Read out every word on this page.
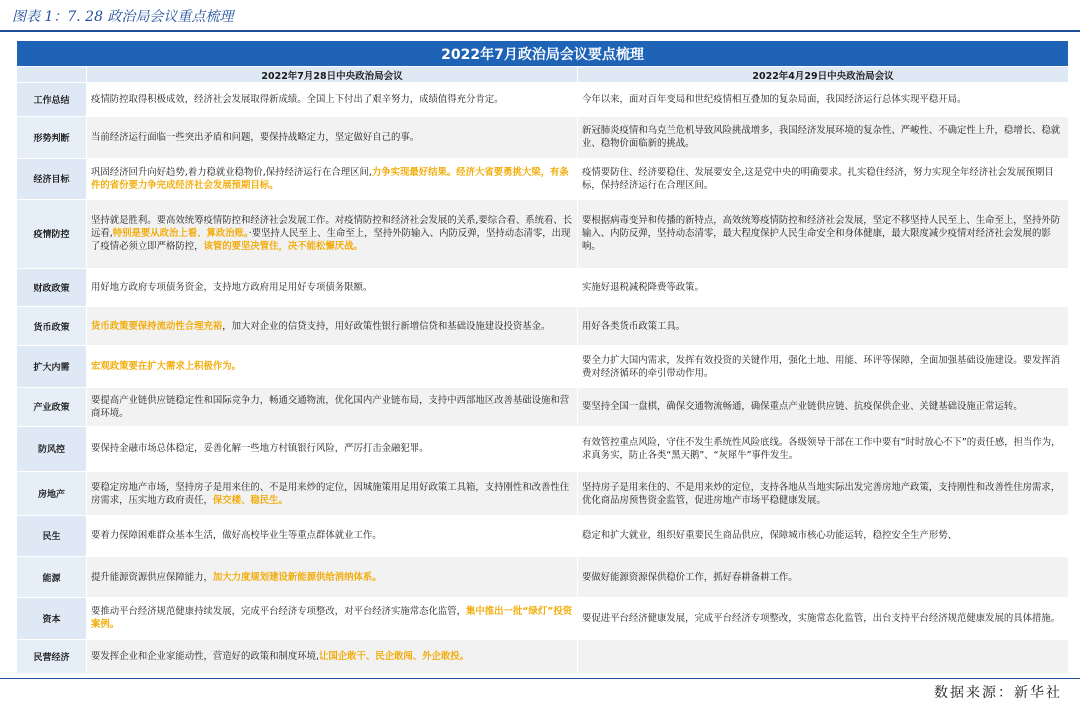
图表 1：7. 28 政治局会议重点梳理
2022年7月政治局会议要点梳理		
	2022年7月28日中央政治局会议	2022年4月29日中央政治局会议
工作总结	疫情防控取得积极成效，经济社会发展取得新成绩。全国上下付出了艰辛努力，成绩值得充分肯定。	今年以来，面对百年变局和世纪疫情相互叠加的复杂局面，我国经济运行总体实现平稳开局。
形势判断	当前经济运行面临一些突出矛盾和问题，要保持战略定力，坚定做好自己的事。	新冠肺炎疫情和乌克兰危机导致风险挑战增多，我国经济发展环境的复杂性、严峻性、不确定性上升，稳增长、稳就业、稳物价面临新的挑战。
经济目标	巩固经济回升向好趋势,着力稳就业稳物价,保持经济运行在合理区间,力争实现最好结果。经济大省要勇挑大梁，有条件的省份要力争完成经济社会发展预期目标。	疫情要防住、经济要稳住、发展要安全,这是党中央的明确要求。扎实稳住经济，努力实现全年经济社会发展预期目标，保持经济运行在合理区间。
疫情防控	坚持就是胜利。要高效统筹疫情防控和经济社会发展工作。对疫情防控和经济社会发展的关系,要综合看、系统看、长远看,特别是要从政治上看、算政治账。·要坚持人民至上、生命至上，坚持外防输入、内防反弹，坚持动态清零，出现了疫情必须立即严格防控，该管的要坚决管住，决不能松懈厌战。	要根据病毒变异和传播的新特点，高效统筹疫情防控和经济社会发展，坚定不移坚持人民至上、生命至上，坚持外防输入、内防反弹，坚持动态清零，最大程度保护人民生命安全和身体健康，最大限度减少疫情对经济社会发展的影响。
财政政策	用好地方政府专项债务资金，支持地方政府用足用好专项债务限额。	实施好退税减税降费等政策。
货币政策	货币政策要保持流动性合理充裕，加大对企业的信贷支持，用好政策性银行新增信贷和基础设施建设投资基金。	用好各类货币政策工具。
扩大内需	宏观政策要在扩大需求上积极作为。	要全力扩大国内需求，发挥有效投资的关键作用，强化土地、用能、环评等保障，全面加强基础设施建设。要发挥消费对经济循环的牵引带动作用。
产业政策	要提高产业链供应链稳定性和国际竞争力，畅通交通物流，优化国内产业链布局，支持中西部地区改善基础设施和营商环境。	要坚持全国一盘棋，确保交通物流畅通，确保重点产业链供应链、抗疫保供企业、关键基础设施正常运转。
防风控	要保持金融市场总体稳定，妥善化解一些地方村镇银行风险，严厉打击金融犯罪。	有效管控重点风险，守住不发生系统性风险底线。各级领导干部在工作中要有“时时放心不下”的责任感，担当作为，求真务实，防止各类“黑天鹅”、“灰犀牛”事件发生。
房地产	要稳定房地产市场，坚持房子是用来住的、不是用来炒的定位，因城施策用足用好政策工具箱，支持刚性和改善性住房需求，压实地方政府责任，保交楼、稳民生。	坚持房子是用来住的、不是用来炒的定位，支持各地从当地实际出发完善房地产政策，支持刚性和改善性住房需求，优化商品房预售资金监管，促进房地产市场平稳健康发展。
民生	要着力保障困难群众基本生活，做好高校毕业生等重点群体就业工作。	稳定和扩大就业，组织好重要民生商品供应，保障城市核心功能运转，稳控安全生产形势、
能源	提升能源资源供应保障能力，加大力度规划建设新能源供给消纳体系。	要做好能源资源保供稳价工作，抓好春耕备耕工作。
资本	要推动平台经济规范健康持续发展，完成平台经济专项整改，对平台经济实施常态化监管，集中推出一批“绿灯”投资案例。	要促进平台经济健康发展，完成平台经济专项整改，实施常态化监管，出台支持平台经济规范健康发展的具体措施。
民营经济	要发挥企业和企业家能动性，营造好的政策和制度环境,让国企敢干、民企敢闯、外企敢投。	
数据来源：新华社
